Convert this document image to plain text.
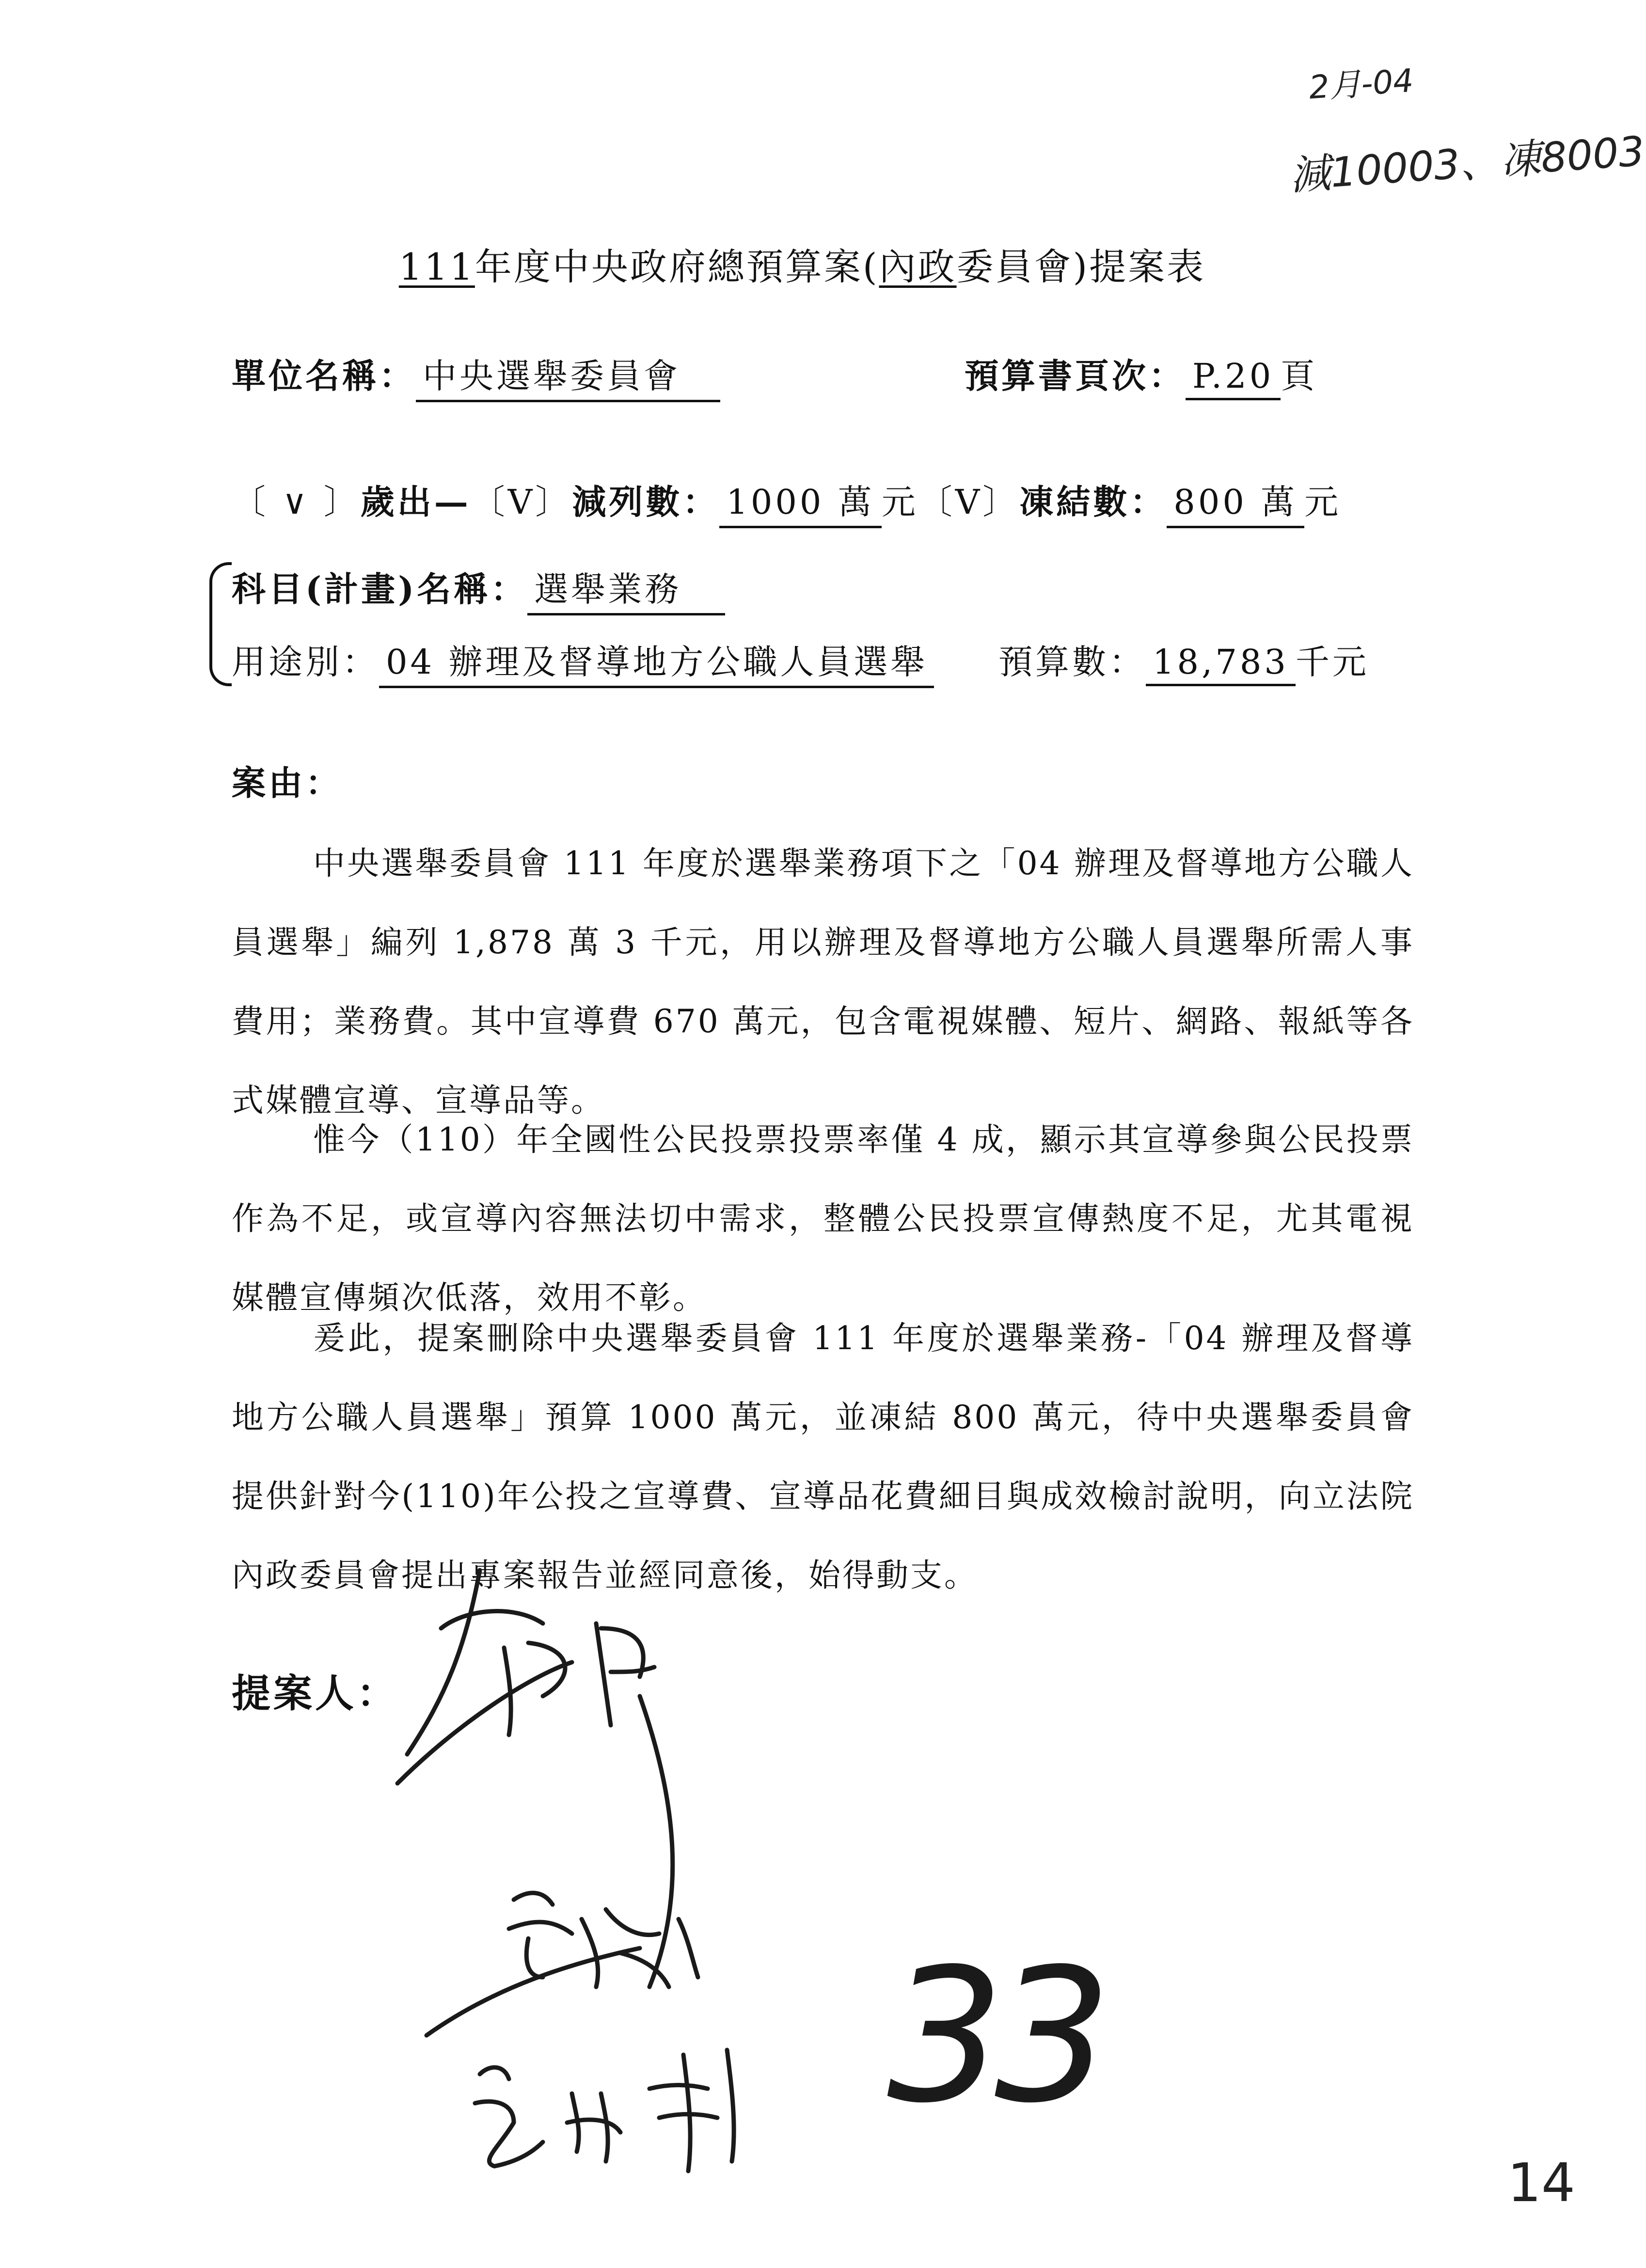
2月-04
減10003、凍8003
111年度中央政府總預算案(內政委員會)提案表
單位名稱： 中央選舉委員會	預算書頁次： P.20 頁
〔 ∨ 〕歲出—〔V〕減列數： 1000 萬 元〔V〕凍結數： 800 萬 元
科目(計畫)名稱： 選舉業務
用途別： 04 辦理及督導地方公職人員選舉 預算數： 18,783 千元
案由：
中央選舉委員會 111 年度於選舉業務項下之「04 辦理及督導地方公職人員選舉」編列 1,878 萬 3 千元，用以辦理及督導地方公職人員選舉所需人事費用；業務費。其中宣導費 670 萬元，包含電視媒體、短片、網路、報紙等各式媒體宣導、宣導品等。
惟今（110）年全國性公民投票投票率僅 4 成，顯示其宣導參與公民投票作為不足，或宣導內容無法切中需求，整體公民投票宣傳熱度不足，尤其電視媒體宣傳頻次低落，效用不彰。
爰此，提案刪除中央選舉委員會 111 年度於選舉業務-「04 辦理及督導地方公職人員選舉」預算 1000 萬元，並凍結 800 萬元，待中央選舉委員會提供針對今(110)年公投之宣導費、宣導品花費細目與成效檢討說明，向立法院內政委員會提出專案報告並經同意後，始得動支。
提案人：
33
14
